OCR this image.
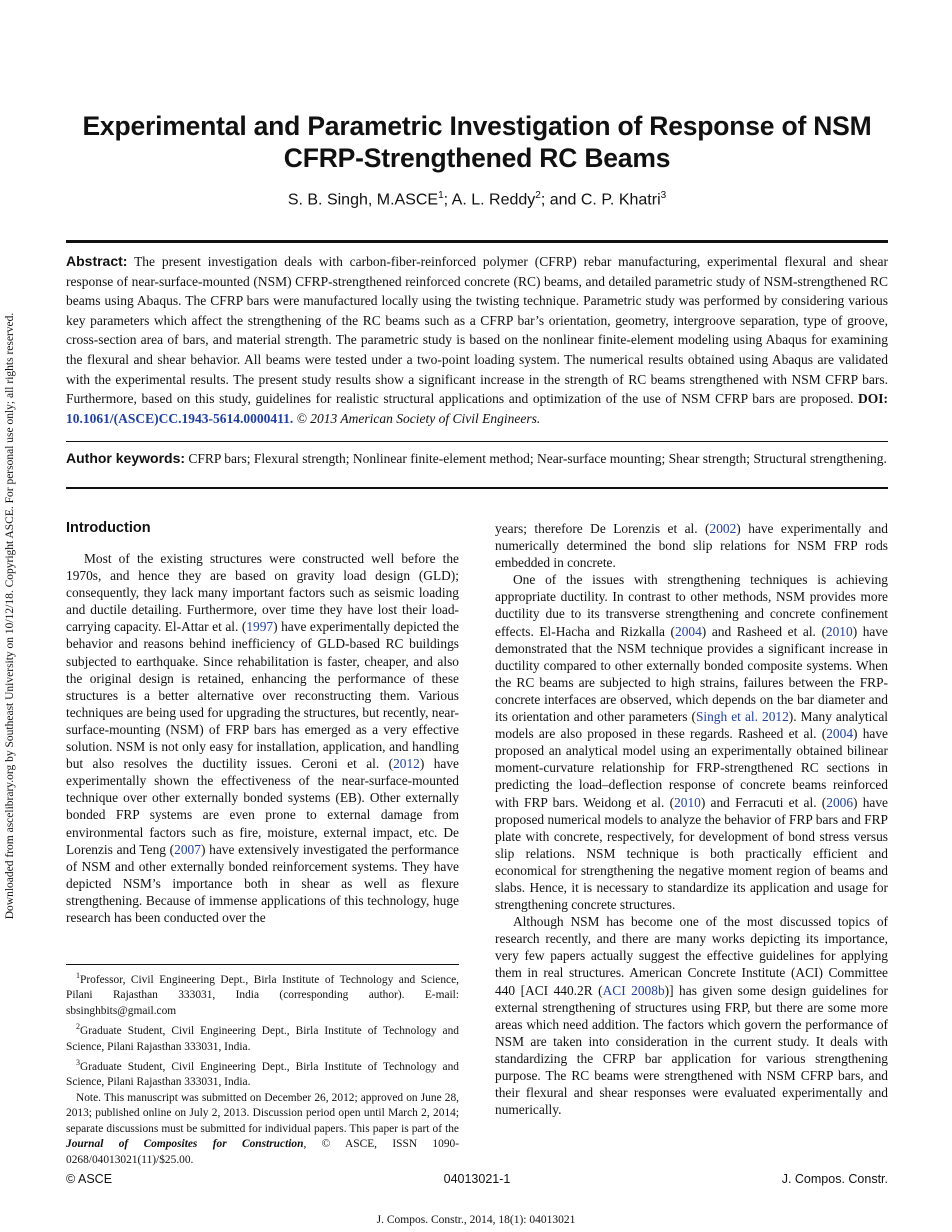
Downloaded from ascelibrary.org by Southeast University on 10/12/18. Copyright ASCE. For personal use only; all rights reserved.
Experimental and Parametric Investigation of Response of NSM CFRP-Strengthened RC Beams
S. B. Singh, M.ASCE$^1$; A. L. Reddy$^2$; and C. P. Khatri$^3$
Abstract: The present investigation deals with carbon-fiber-reinforced polymer (CFRP) rebar manufacturing, experimental flexural and shear response of near-surface-mounted (NSM) CFRP-strengthened reinforced concrete (RC) beams, and detailed parametric study of NSM-strengthened RC beams using Abaqus. The CFRP bars were manufactured locally using the twisting technique. Parametric study was performed by considering various key parameters which affect the strengthening of the RC beams such as a CFRP bar’s orientation, geometry, intergroove separation, type of groove, cross-section area of bars, and material strength. The parametric study is based on the nonlinear finite-element modeling using Abaqus for examining the flexural and shear behavior. All beams were tested under a two-point loading system. The numerical results obtained using Abaqus are validated with the experimental results. The present study results show a significant increase in the strength of RC beams strengthened with NSM CFRP bars. Furthermore, based on this study, guidelines for realistic structural applications and optimization of the use of NSM CFRP bars are proposed. DOI: 10.1061/(ASCE)CC.1943-5614.0000411. © 2013 American Society of Civil Engineers.
Author keywords: CFRP bars; Flexural strength; Nonlinear finite-element method; Near-surface mounting; Shear strength; Structural strengthening.
Introduction

Most of the existing structures were constructed well before the 1970s, and hence they are based on gravity load design (GLD); consequently, they lack many important factors such as seismic loading and ductile detailing. Furthermore, over time they have lost their load-carrying capacity. El-Attar et al. (1997) have experimentally depicted the behavior and reasons behind inefficiency of GLD-based RC buildings subjected to earthquake. Since rehabilitation is faster, cheaper, and also the original design is retained, enhancing the performance of these structures is a better alternative over reconstructing them. Various techniques are being used for upgrading the structures, but recently, near-surface-mounting (NSM) of FRP bars has emerged as a very effective solution. NSM is not only easy for installation, application, and handling but also resolves the ductility issues. Ceroni et al. (2012) have experimentally shown the effectiveness of the near-surface-mounted technique over other externally bonded systems (EB). Other externally bonded FRP systems are even prone to external damage from environmental factors such as fire, moisture, external impact, etc. De Lorenzis and Teng (2007) have extensively investigated the performance of NSM and other externally bonded reinforcement systems. They have depicted NSM’s importance both in shear as well as flexure strengthening. Because of immense applications of this technology, huge research has been conducted over the

$^1$Professor, Civil Engineering Dept., Birla Institute of Technology and Science, Pilani Rajasthan 333031, India (corresponding author). E-mail: sbsinghbits@gmail.com

$^2$Graduate Student, Civil Engineering Dept., Birla Institute of Technology and Science, Pilani Rajasthan 333031, India.

$^3$Graduate Student, Civil Engineering Dept., Birla Institute of Technology and Science, Pilani Rajasthan 333031, India.

Note. This manuscript was submitted on December 26, 2012; approved on June 28, 2013; published online on July 2, 2013. Discussion period open until March 2, 2014; separate discussions must be submitted for individual papers. This paper is part of the Journal of Composites for Construction, © ASCE, ISSN 1090-0268/04013021(11)/$25.00.

years; therefore De Lorenzis et al. (2002) have experimentally and numerically determined the bond slip relations for NSM FRP rods embedded in concrete.

One of the issues with strengthening techniques is achieving appropriate ductility. In contrast to other methods, NSM provides more ductility due to its transverse strengthening and concrete confinement effects. El-Hacha and Rizkalla (2004) and Rasheed et al. (2010) have demonstrated that the NSM technique provides a significant increase in ductility compared to other externally bonded composite systems. When the RC beams are subjected to high strains, failures between the FRP-concrete interfaces are observed, which depends on the bar diameter and its orientation and other parameters (Singh et al. 2012). Many analytical models are also proposed in these regards. Rasheed et al. (2004) have proposed an analytical model using an experimentally obtained bilinear moment-curvature relationship for FRP-strengthened RC sections in predicting the load–deflection response of concrete beams reinforced with FRP bars. Weidong et al. (2010) and Ferracuti et al. (2006) have proposed numerical models to analyze the behavior of FRP bars and FRP plate with concrete, respectively, for development of bond stress versus slip relations. NSM technique is both practically efficient and economical for strengthening the negative moment region of beams and slabs. Hence, it is necessary to standardize its application and usage for strengthening concrete structures.

Although NSM has become one of the most discussed topics of research recently, and there are many works depicting its importance, very few papers actually suggest the effective guidelines for applying them in real structures. American Concrete Institute (ACI) Committee 440 [ACI 440.2R (ACI 2008b)] has given some design guidelines for external strengthening of structures using FRP, but there are some more areas which need addition. The factors which govern the performance of NSM are taken into consideration in the current study. It deals with standardizing the CFRP bar application for various strengthening purpose. The RC beams were strengthened with NSM CFRP bars, and their flexural and shear responses were evaluated experimentally and numerically.

© ASCE	04013021-1	J. Compos. Constr.
J. Compos. Constr., 2014, 18(1): 04013021
